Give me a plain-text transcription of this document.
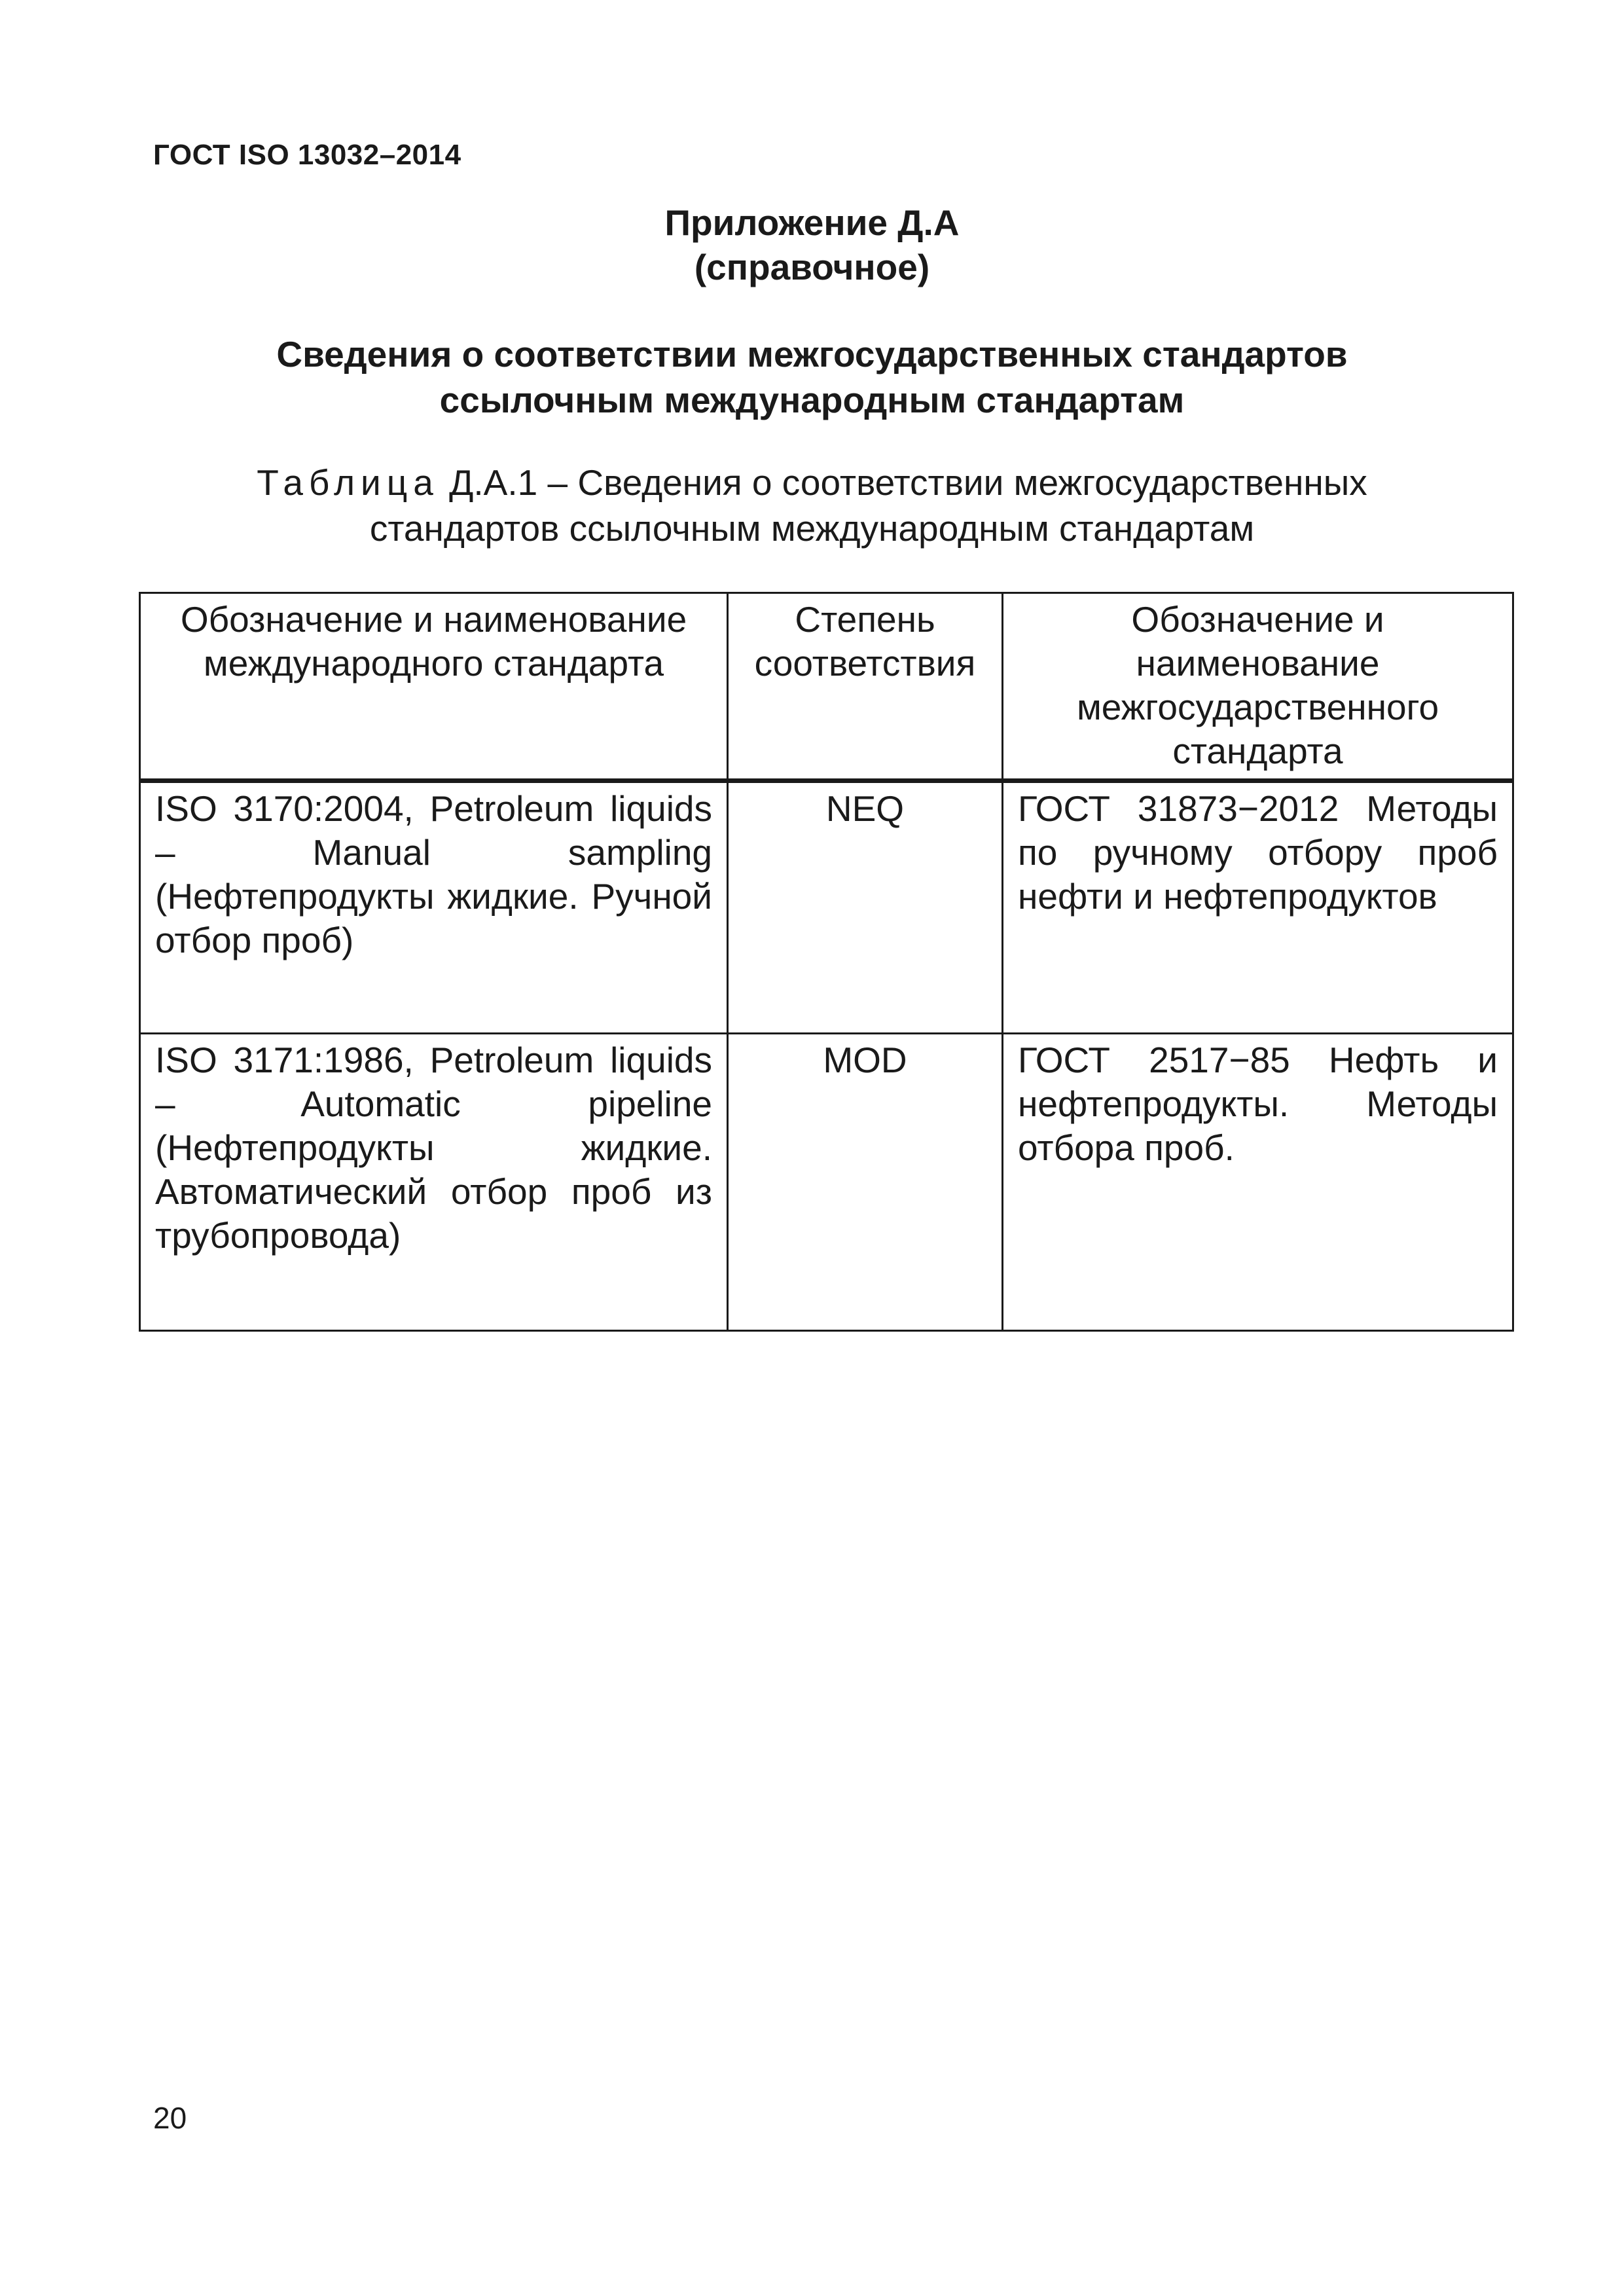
ГОСТ ISO 13032–2014
Приложение Д.А
(справочное)
Сведения о соответствии межгосударственных стандартов
ссылочным международным стандартам
Таблица Д.А.1 – Сведения о соответствии межгосударственных
стандартов ссылочным международным стандартам
Обозначение и наименование международного стандарта	Степень соответствия	Обозначение и наименование межгосударственного стандарта
ISO 3170:2004, Petroleum liquids – Manual sampling (Нефтепродукты жидкие. Ручной отбор проб)	NEQ	ГОСТ 31873−2012 Методы по ручному отбору проб нефти и нефтепродуктов
ISO 3171:1986, Petroleum liquids – Automatic pipeline (Нефтепродукты жидкие. Автоматический отбор проб из трубопровода)	MOD	ГОСТ 2517−85 Нефть и нефтепродукты. Методы отбора проб.
20
